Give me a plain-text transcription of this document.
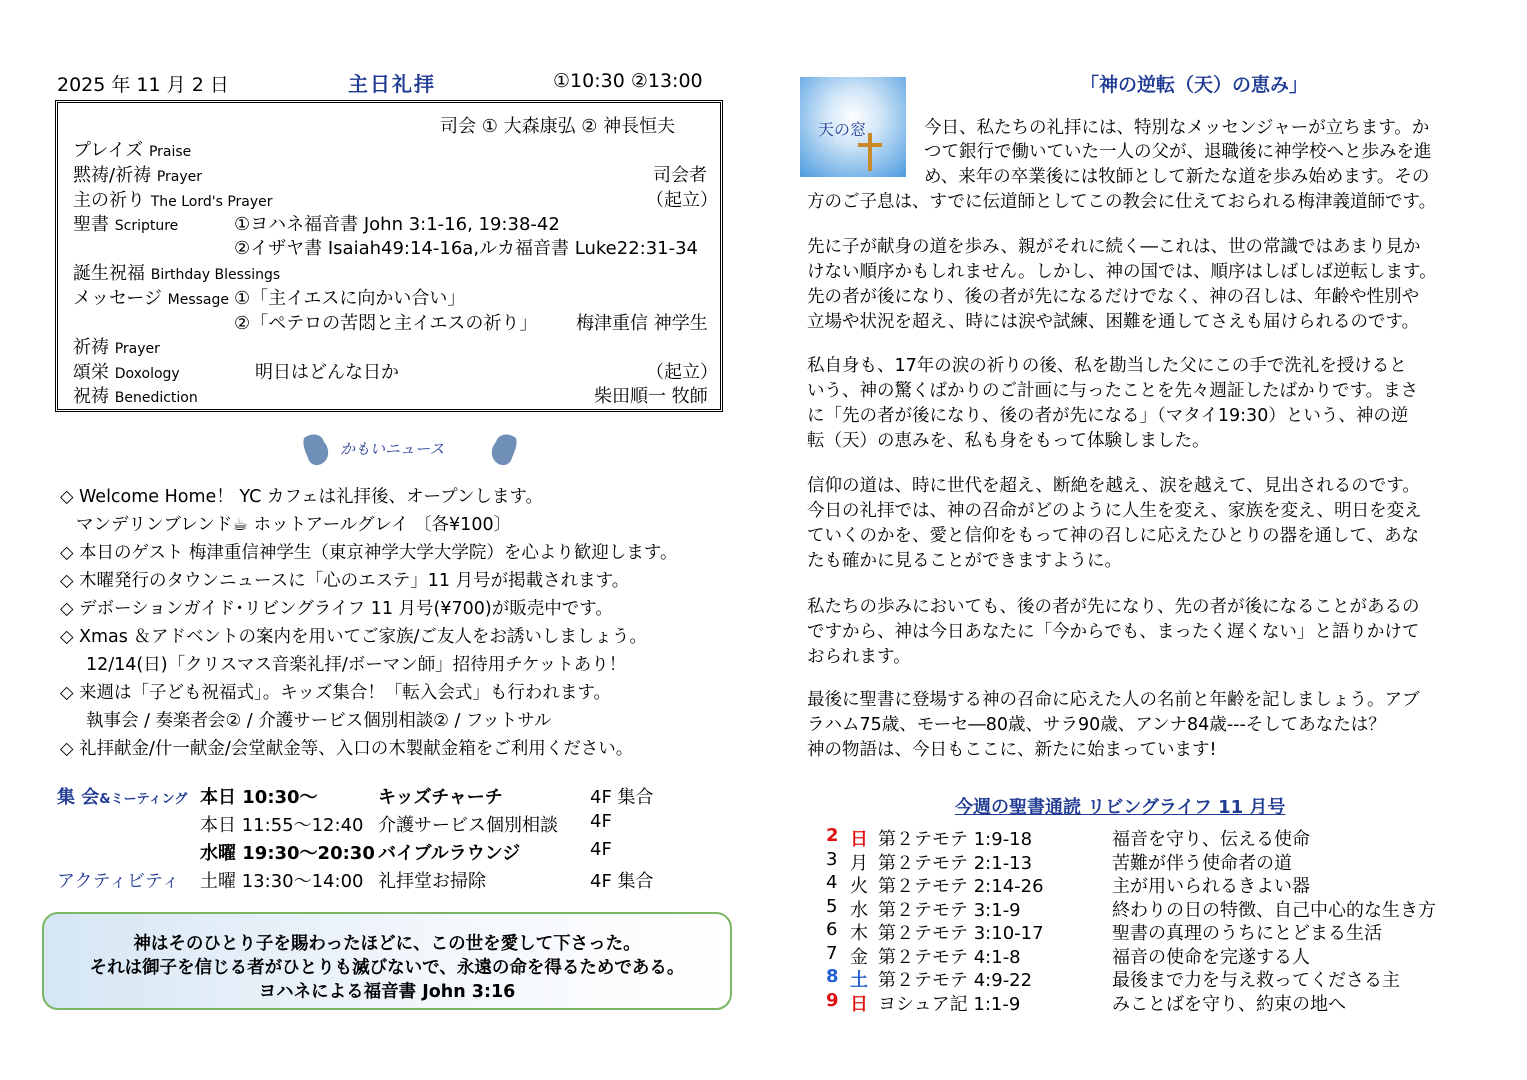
2025 年 11 月 2 日	主日礼拝	①10:30 ②13:00
司会 ① 大森康弘 ② 神長恒夫
プレイズ Praise
黙祷/祈祷 Prayer	司会者
主の祈り The Lord's Prayer	（起立）
聖書 Scripture	①ヨハネ福音書 John 3:1-16, 19:38-42
②イザヤ書 Isaiah49:14-16a,ルカ福音書 Luke22:31-34
誕生祝福 Birthday Blessings
メッセージ Message ①「主イエスに向かい合い」
②「ペテロの苦悶と主イエスの祈り」 梅津重信 神学生
祈祷 Prayer
頌栄 Doxology	明日はどんな日か	（起立）
祝祷 Benediction	柴田順一 牧師
かもいニュース
◇ Welcome Home！ YC カフェは礼拝後、オープンします。
マンデリンブレンド☕ ホットアールグレイ 〔各¥100〕
◇ 本日のゲスト 梅津重信神学生（東京神学大学大学院）を心より歓迎します。
◇ 木曜発行のタウンニュースに「心のエステ」11 月号が掲載されます。
◇ デボーションガイド･リビングライフ 11 月号(¥700)が販売中です。
◇ Xmas ＆アドベントの案内を用いてご家族/ご友人をお誘いしましょう。
12/14(日)「クリスマス音楽礼拝/ボーマン師」招待用チケットあり！
◇ 来週は「子ども祝福式」。キッズ集合！「転入会式」も行われます。
執事会 / 奏楽者会② / 介護サービス個別相談② / フットサル
◇ 礼拝献金/什一献金/会堂献金等、入口の木製献金箱をご利用ください。
集 会&ミーティング
アクティビティ
本日 10:30～	キッズチャーチ	4F 集合
本日 11:55～12:40 介護サービス個別相談 4F
水曜 19:30～20:30 バイブルラウンジ	4F
土曜 13:30～14:00 礼拝堂お掃除	4F 集合
神はそのひとり子を賜わったほどに、この世を愛して下さった。
それは御子を信じる者がひとりも滅びないで、永遠の命を得るためである。
ヨハネによる福音書 John 3:16
「神の逆転（天）の恵み」
天の窓	今日、私たちの礼拝には、特別なメッセンジャーが立ちます。か
つて銀行で働いていた一人の父が、退職後に神学校へと歩みを進
め、来年の卒業後には牧師として新たな道を歩み始めます。その
方のご子息は、すでに伝道師としてこの教会に仕えておられる梅津義道師です。
先に子が献身の道を歩み、親がそれに続く―これは、世の常識ではあまり見か
けない順序かもしれません。しかし、神の国では、順序はしばしば逆転します。
先の者が後になり、後の者が先になるだけでなく、神の召しは、年齢や性別や
立場や状況を超え、時には涙や試練、困難を通してさえも届けられるのです。
私自身も、17年の涙の祈りの後、私を勘当した父にこの手で洗礼を授けると
いう、神の驚くばかりのご計画に与ったことを先々週証したばかりです。まさ
に「先の者が後になり、後の者が先になる」（マタイ19:30）という、神の逆
転（天）の恵みを、私も身をもって体験しました。
信仰の道は、時に世代を超え、断絶を越え、涙を越えて、見出されるのです。
今日の礼拝では、神の召命がどのように人生を変え、家族を変え、明日を変え
ていくのかを、愛と信仰をもって神の召しに応えたひとりの器を通して、あな
たも確かに見ることができますように。
私たちの歩みにおいても、後の者が先になり、先の者が後になることがあるの
ですから、神は今日あなたに「今からでも、まったく遅くない」と語りかけて
おられます。
最後に聖書に登場する神の召命に応えた人の名前と年齢を記しましょう。アブ
ラハム75歳、モーセ―80歳、サラ90歳、アンナ84歳---そしてあなたは？
神の物語は、今日もここに、新たに始まっています!
今週の聖書通読 リビングライフ 11 月号
2 日 第２テモテ 1:9-18	福音を守り、伝える使命
3 月 第２テモテ 2:1-13	苦難が伴う使命者の道
4 火 第２テモテ 2:14-26	主が用いられるきよい器
5 水 第２テモテ 3:1-9	終わりの日の特徴、自己中心的な生き方
6 木 第２テモテ 3:10-17	聖書の真理のうちにとどまる生活
7 金 第２テモテ 4:1-8	福音の使命を完遂する人
8 土 第２テモテ 4:9-22	最後まで力を与え救ってくださる主
9 日 ヨシュア記 1:1-9	みことばを守り、約束の地へ
